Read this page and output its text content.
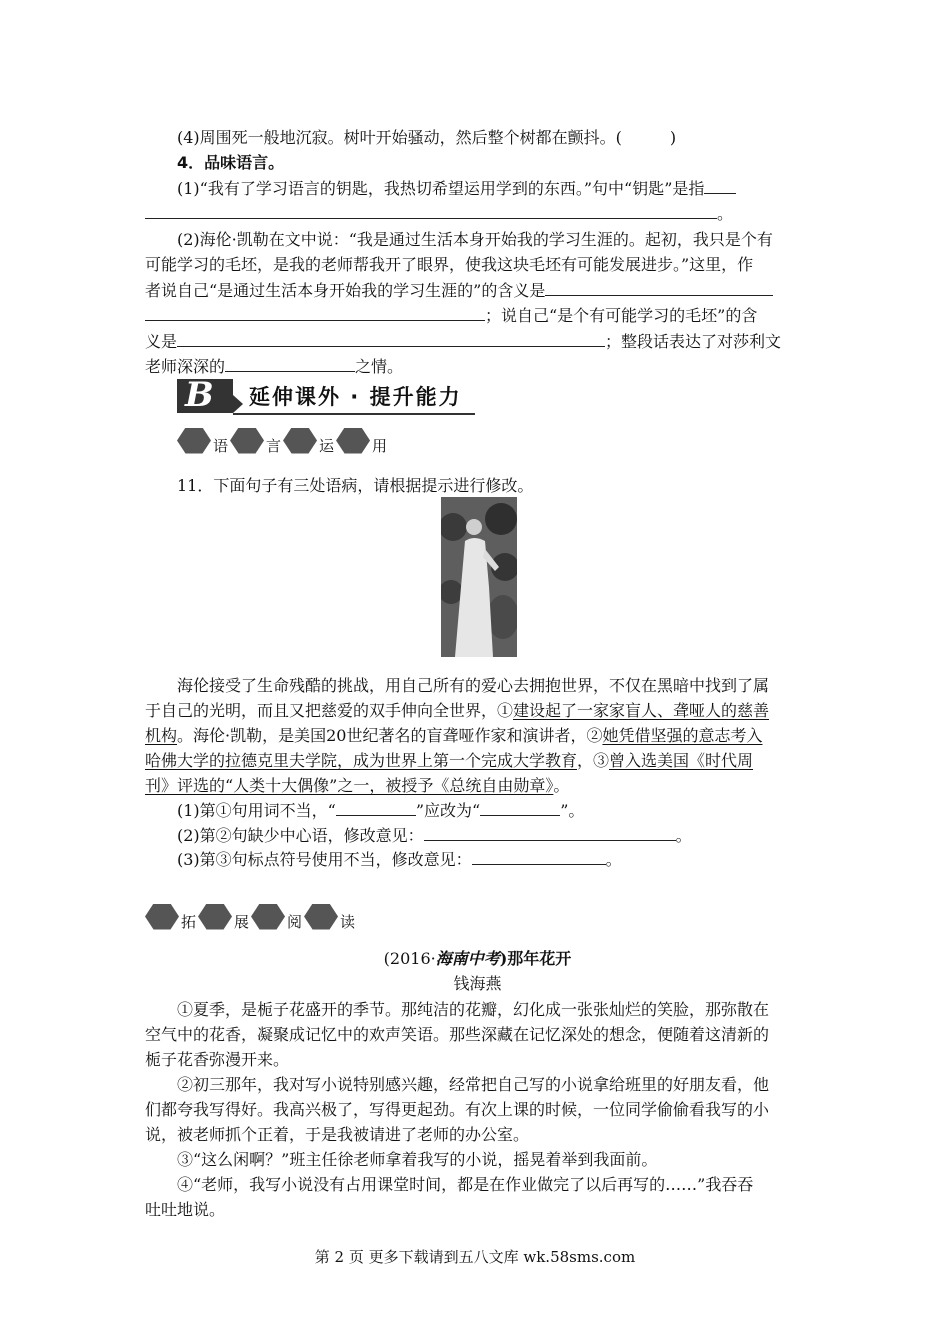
(4)周围死一般地沉寂。树叶开始骚动，然后整个树都在颤抖。(　　　)
4．品味语言。
(1)“我有了学习语言的钥匙，我热切希望运用学到的东西。”句中“钥匙”是指
。
(2)海伦·凯勒在文中说：“我是通过生活本身开始我的学习生涯的。起初，我只是个有
可能学习的毛坯，是我的老师帮我开了眼界，使我这块毛坯有可能发展进步。”这里，作
者说自己“是通过生活本身开始我的学习生涯的”的含义是
；说自己“是个有可能学习的毛坯”的含
义是	；整段话表达了对莎利文
老师深深的	之情。
B 延伸课外 · 提升能力
语	言	运	用
11．下面句子有三处语病，请根据提示进行修改。
海伦接受了生命残酷的挑战，用自己所有的爱心去拥抱世界，不仅在黑暗中找到了属
于自己的光明，而且又把慈爱的双手伸向全世界，①建设起了一家家盲人、聋哑人的慈善
机构。海伦·凯勒，是美国20世纪著名的盲聋哑作家和演讲者，②她凭借坚强的意志考入
哈佛大学的拉德克里夫学院，成为世界上第一个完成大学教育，③曾入选美国《时代周
刊》评选的“人类十大偶像”之一，被授予《总统自由勋章》。
(1)第①句用词不当，“	”应改为“	”。
(2)第②句缺少中心语，修改意见：	。
(3)第③句标点符号使用不当，修改意见：	。
拓	展	阅	读
(2016·海南中考)那年花开
钱海燕
①夏季，是栀子花盛开的季节。那纯洁的花瓣，幻化成一张张灿烂的笑脸，那弥散在
空气中的花香，凝聚成记忆中的欢声笑语。那些深藏在记忆深处的想念，便随着这清新的
栀子花香弥漫开来。
②初三那年，我对写小说特别感兴趣，经常把自己写的小说拿给班里的好朋友看，他
们都夸我写得好。我高兴极了，写得更起劲。有次上课的时候，一位同学偷偷看我写的小
说，被老师抓个正着，于是我被请进了老师的办公室。
③“这么闲啊？”班主任徐老师拿着我写的小说，摇晃着举到我面前。
④“老师，我写小说没有占用课堂时间，都是在作业做完了以后再写的……”我吞吞
吐吐地说。
第 2 页 更多下载请到五八文库 wk.58sms.com
